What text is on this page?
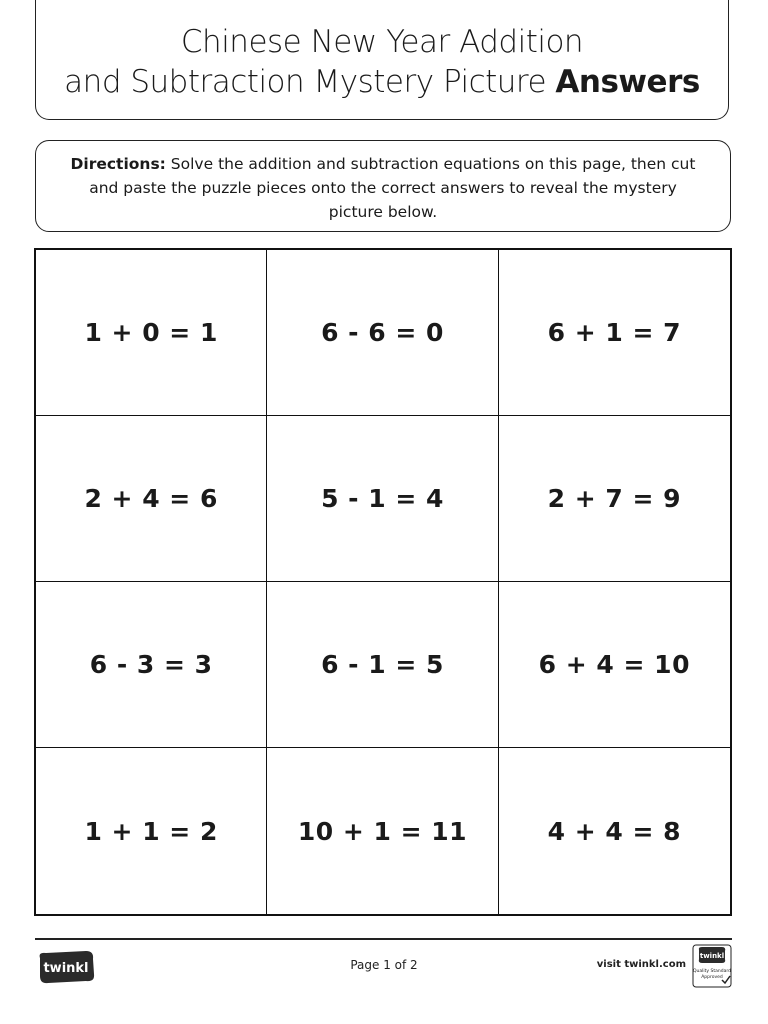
Chinese New Year Addition
and Subtraction Mystery Picture Answers
Directions: Solve the addition and subtraction equations on this page, then cut and paste the puzzle pieces onto the correct answers to reveal the mystery picture below.
1 + 0 = 1	6 - 6 = 0	6 + 1 = 7
2 + 4 = 6	5 - 1 = 4	2 + 7 = 9
6 - 3 = 3	6 - 1 = 5	6 + 4 = 10
1 + 1 = 2	10 + 1 = 11	4 + 4 = 8
twinkl	Page 1 of 2	visit twinkl.com
twinkl
Quality Standard
Approved
